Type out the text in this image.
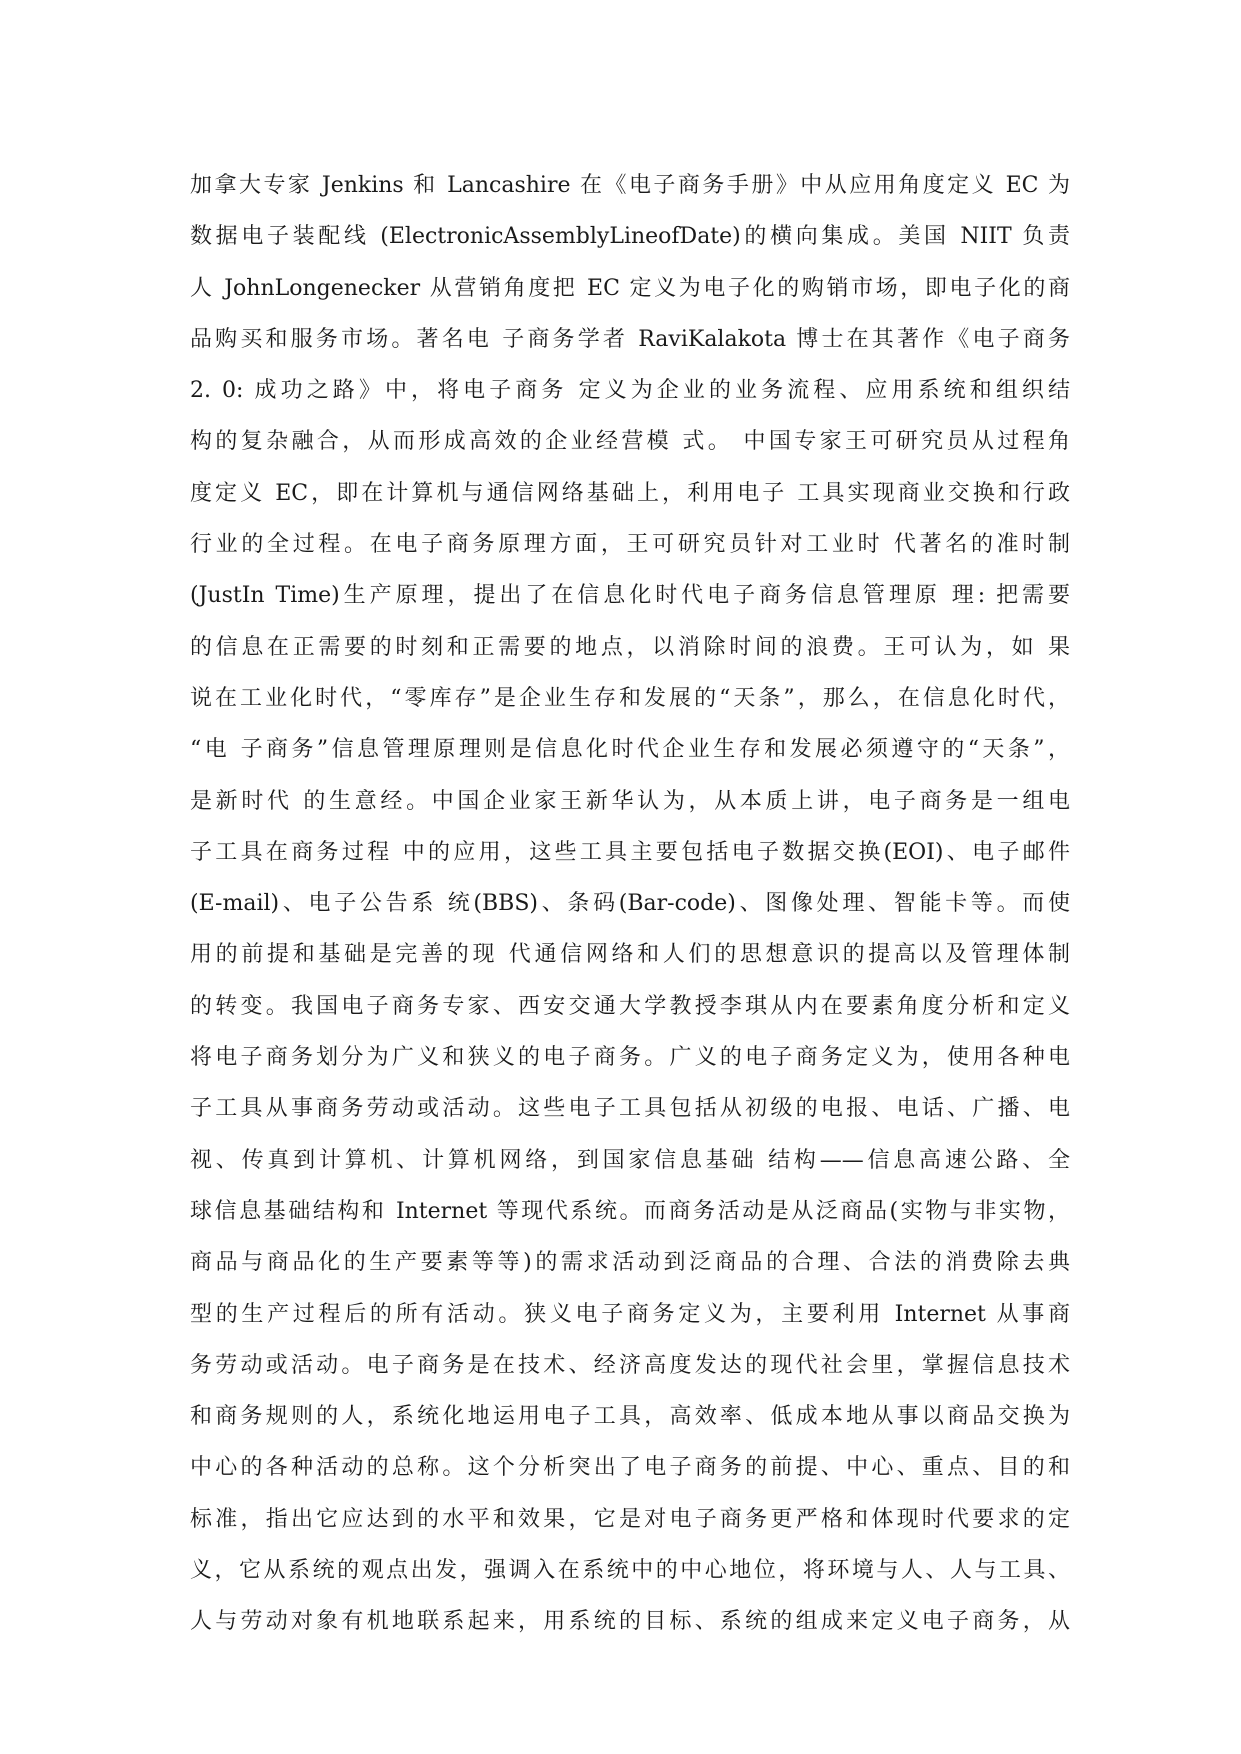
加拿大专家 Jenkins 和 Lancashire 在《电子商务手册》中从应用角度定义 EC 为
数据电子装配线 (ElectronicAssemblyLineofDate)的横向集成。美国 NIIT 负责
人 JohnLongenecker 从营销角度把 EC 定义为电子化的购销市场，即电子化的商
品购买和服务市场。著名电 子商务学者 RaviKalakota 博士在其著作《电子商务
2. 0: 成功之路》中，将电子商务 定义为企业的业务流程、应用系统和组织结
构的复杂融合，从而形成高效的企业经营模 式。 中国专家王可研究员从过程角
度定义 EC，即在计算机与通信网络基础上，利用电子 工具实现商业交换和行政
行业的全过程。在电子商务原理方面，王可研究员针对工业时 代著名的准时制
(JustIn Time)生产原理，提出了在信息化时代电子商务信息管理原 理: 把需要
的信息在正需要的时刻和正需要的地点，以消除时间的浪费。王可认为，如 果
说在工业化时代，“零库存”是企业生存和发展的“天条”，那么，在信息化时代，
“电 子商务”信息管理原理则是信息化时代企业生存和发展必须遵守的“天条”，
是新时代 的生意经。中国企业家王新华认为，从本质上讲，电子商务是一组电
子工具在商务过程 中的应用，这些工具主要包括电子数据交换(EOI)、电子邮件
(E-mail)、电子公告系 统(BBS)、条码(Bar-code)、图像处理、智能卡等。而使
用的前提和基础是完善的现 代通信网络和人们的思想意识的提高以及管理体制
的转变。我国电子商务专家、西安交通大学教授李琪从内在要素角度分析和定义
将电子商务划分为广义和狭义的电子商务。广义的电子商务定义为，使用各种电
子工具从事商务劳动或活动。这些电子工具包括从初级的电报、电话、广播、电
视、传真到计算机、计算机网络，到国家信息基础 结构——信息高速公路、全
球信息基础结构和 Internet 等现代系统。而商务活动是从泛商品(实物与非实物，
商品与商品化的生产要素等等)的需求活动到泛商品的合理、合法的消费除去典
型的生产过程后的所有活动。狭义电子商务定义为，主要利用 Internet 从事商
务劳动或活动。电子商务是在技术、经济高度发达的现代社会里，掌握信息技术
和商务规则的人，系统化地运用电子工具，高效率、低成本地从事以商品交换为
中心的各种活动的总称。这个分析突出了电子商务的前提、中心、重点、目的和
标准，指出它应达到的水平和效果，它是对电子商务更严格和体现时代要求的定
义，它从系统的观点出发，强调入在系统中的中心地位，将环境与人、人与工具、
人与劳动对象有机地联系起来，用系统的目标、系统的组成来定义电子商务，从
